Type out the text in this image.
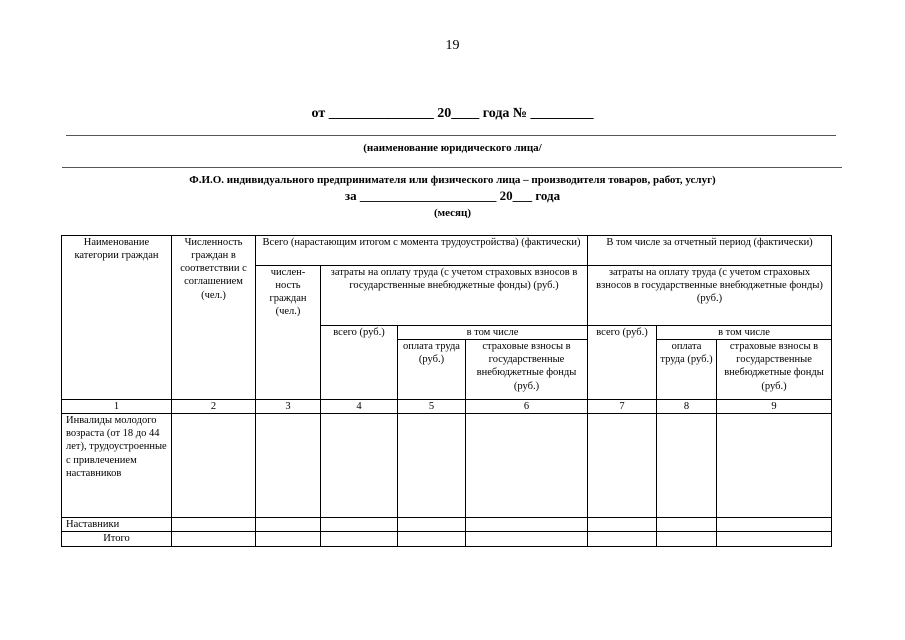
19
от _______________ 20____ года № _________
(наименование юридического лица/
Ф.И.О. индивидуального предпринимателя или физического лица – производителя товаров, работ, услуг)
за _____________________ 20___ года
(месяц)
Наименование категории граждан	Численность граждан в соответствии с соглашением (чел.)	Всего (нарастающим итогом с момента трудоустройства) (фактически)				В том числе за отчетный период (фактически)		
		числен- ность граждан (чел.)	затраты на оплату труда (с учетом страховых взносов в государственные внебюджетные фонды) (руб.)			затраты на оплату труда (с учетом страховых взносов в государственные внебюджетные фонды) (руб.)		
			всего (руб.)	в том числе		всего (руб.)	в том числе	
				оплата труда (руб.)	страховые взносы в государственные внебюджетные фонды (руб.)		оплата труда (руб.)	страховые взносы в государственные внебюджетные фонды (руб.)
1	2	3	4	5	6	7	8	9
Инвалиды молодого возраста (от 18 до 44 лет), трудоустроенные с привлечением наставников								
Наставники								
Итого								
